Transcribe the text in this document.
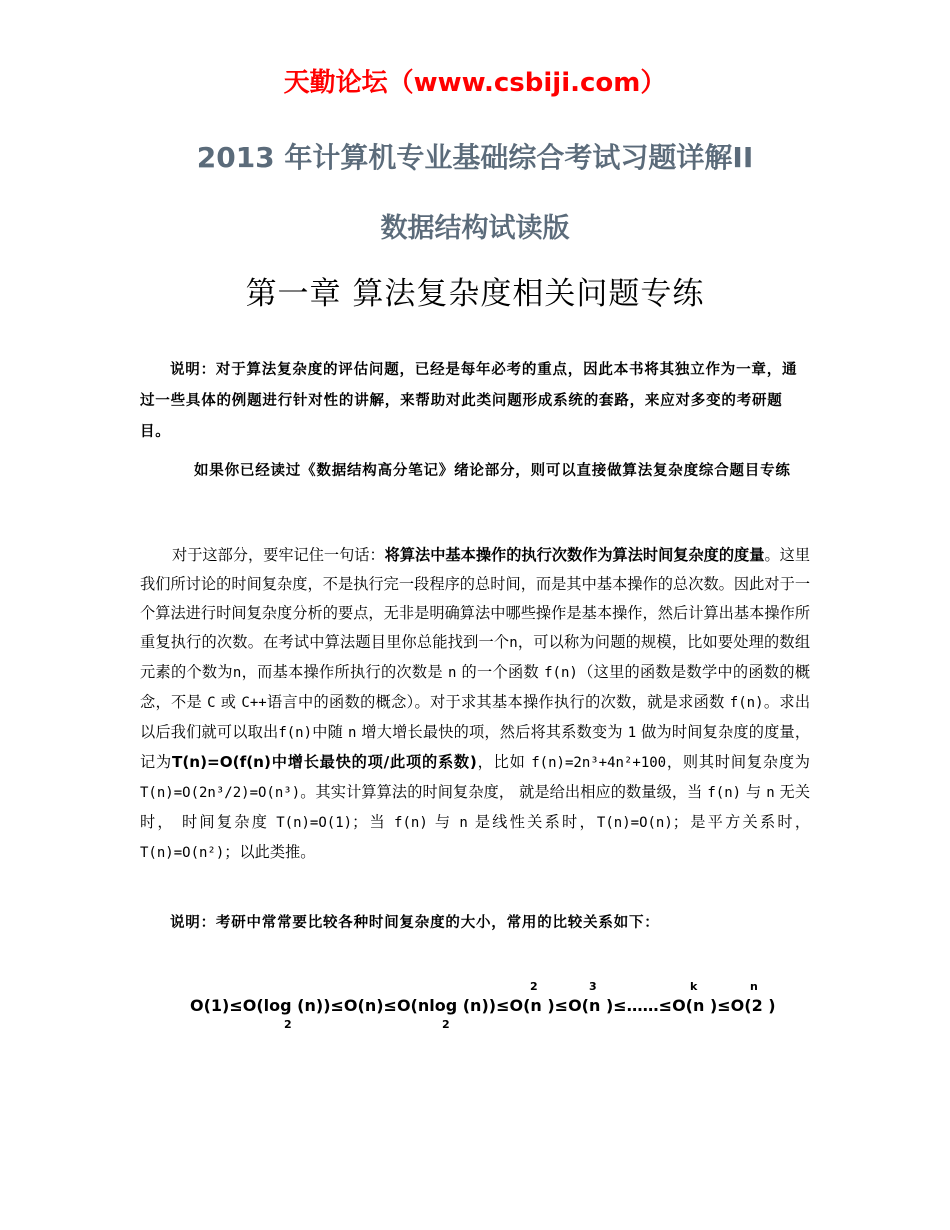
天勤论坛（www.csbiji.com）
2013 年计算机专业基础综合考试习题详解II
数据结构试读版
第一章 算法复杂度相关问题专练
说明：对于算法复杂度的评估问题，已经是每年必考的重点，因此本书将其独立作为一章，通过一些具体的例题进行针对性的讲解，来帮助对此类问题形成系统的套路，来应对多变的考研题目。
如果你已经读过《数据结构高分笔记》绪论部分，则可以直接做算法复杂度综合题目专练
对于这部分，要牢记住一句话：将算法中基本操作的执行次数作为算法时间复杂度的度量。这里我们所讨论的时间复杂度，不是执行完一段程序的总时间，而是其中基本操作的总次数。因此对于一个算法进行时间复杂度分析的要点，无非是明确算法中哪些操作是基本操作，然后计算出基本操作所重复执行的次数。在考试中算法题目里你总能找到一个n，可以称为问题的规模，比如要处理的数组元素的个数为n，而基本操作所执行的次数是 n 的一个函数 f(n)（这里的函数是数学中的函数的概念，不是 C 或 C++语言中的函数的概念）。对于求其基本操作执行的次数，就是求函数 f(n)。求出以后我们就可以取出f(n)中随 n 增大增长最快的项，然后将其系数变为 1 做为时间复杂度的度量，记为T(n)=O(f(n)中增长最快的项/此项的系数)，比如 f(n)=2n³+4n²+100，则其时间复杂度为 T(n)=O(2n³/2)=O(n³)。其实计算算法的时间复杂度， 就是给出相应的数量级，当 f(n) 与 n 无关时， 时间复杂度 T(n)=O(1)；当 f(n) 与 n 是线性关系时，T(n)=O(n)；是平方关系时，T(n)=O(n²)；以此类推。
说明：考研中常常要比较各种时间复杂度的大小，常用的比较关系如下：
2	3	k	n
O(1)≤O(log (n))≤O(n)≤O(nlog (n))≤O(n )≤O(n )≤……≤O(n )≤O(2 )
2	2
